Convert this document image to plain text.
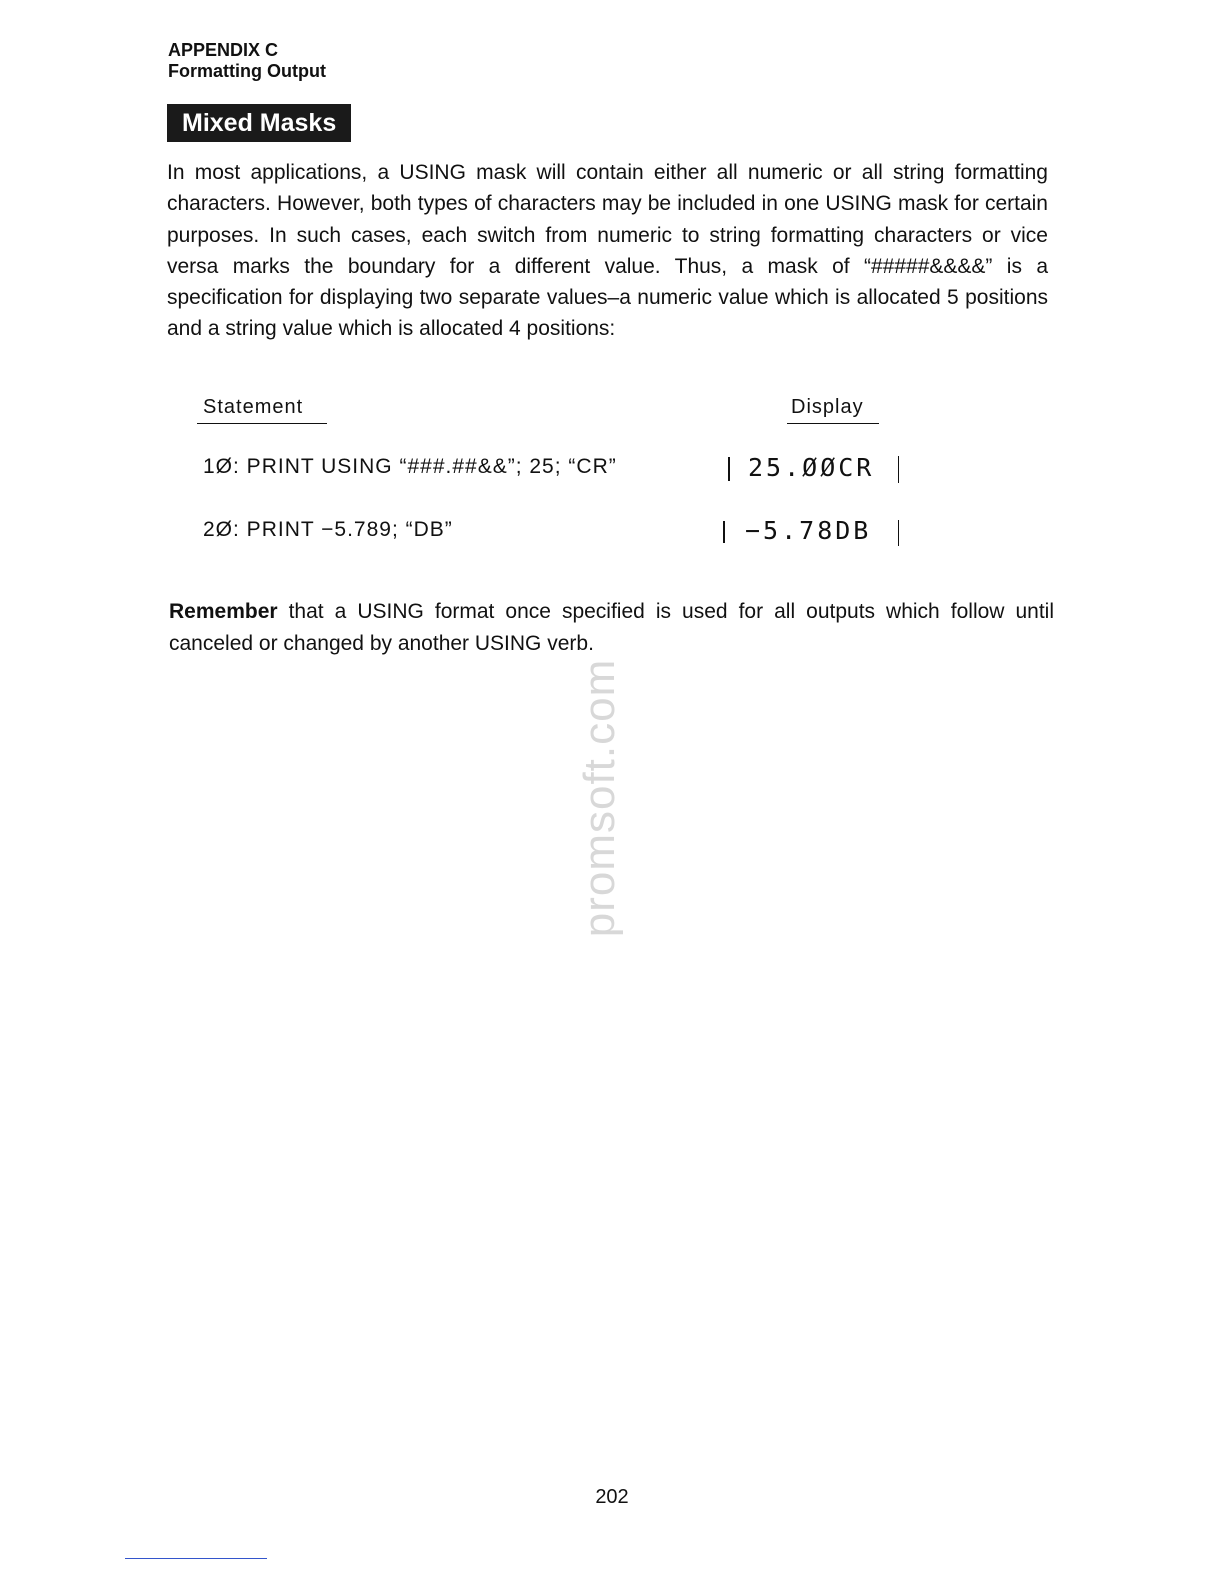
APPENDIX C
Formatting Output
Mixed Masks

In most applications, a USING mask will contain either all numeric or all string formatting characters. However, both types of characters may be included in one USING mask for certain purposes. In such cases, each switch from numeric to string formatting characters or vice versa marks the boundary for a different value. Thus, a mask of “#####&&&&” is a specification for displaying two separate values–a numeric value which is allocated 5 positions and a string value which is allocated 4 positions:

Statement	Display
1Ø: PRINT USING “###.##&&”; 25; “CR”	25.ØØCR
2Ø: PRINT −5.789; “DB”	−5.78DB

Remember that a USING format once specified is used for all outputs which follow until canceled or changed by another USING verb.

promsoft.com
202
